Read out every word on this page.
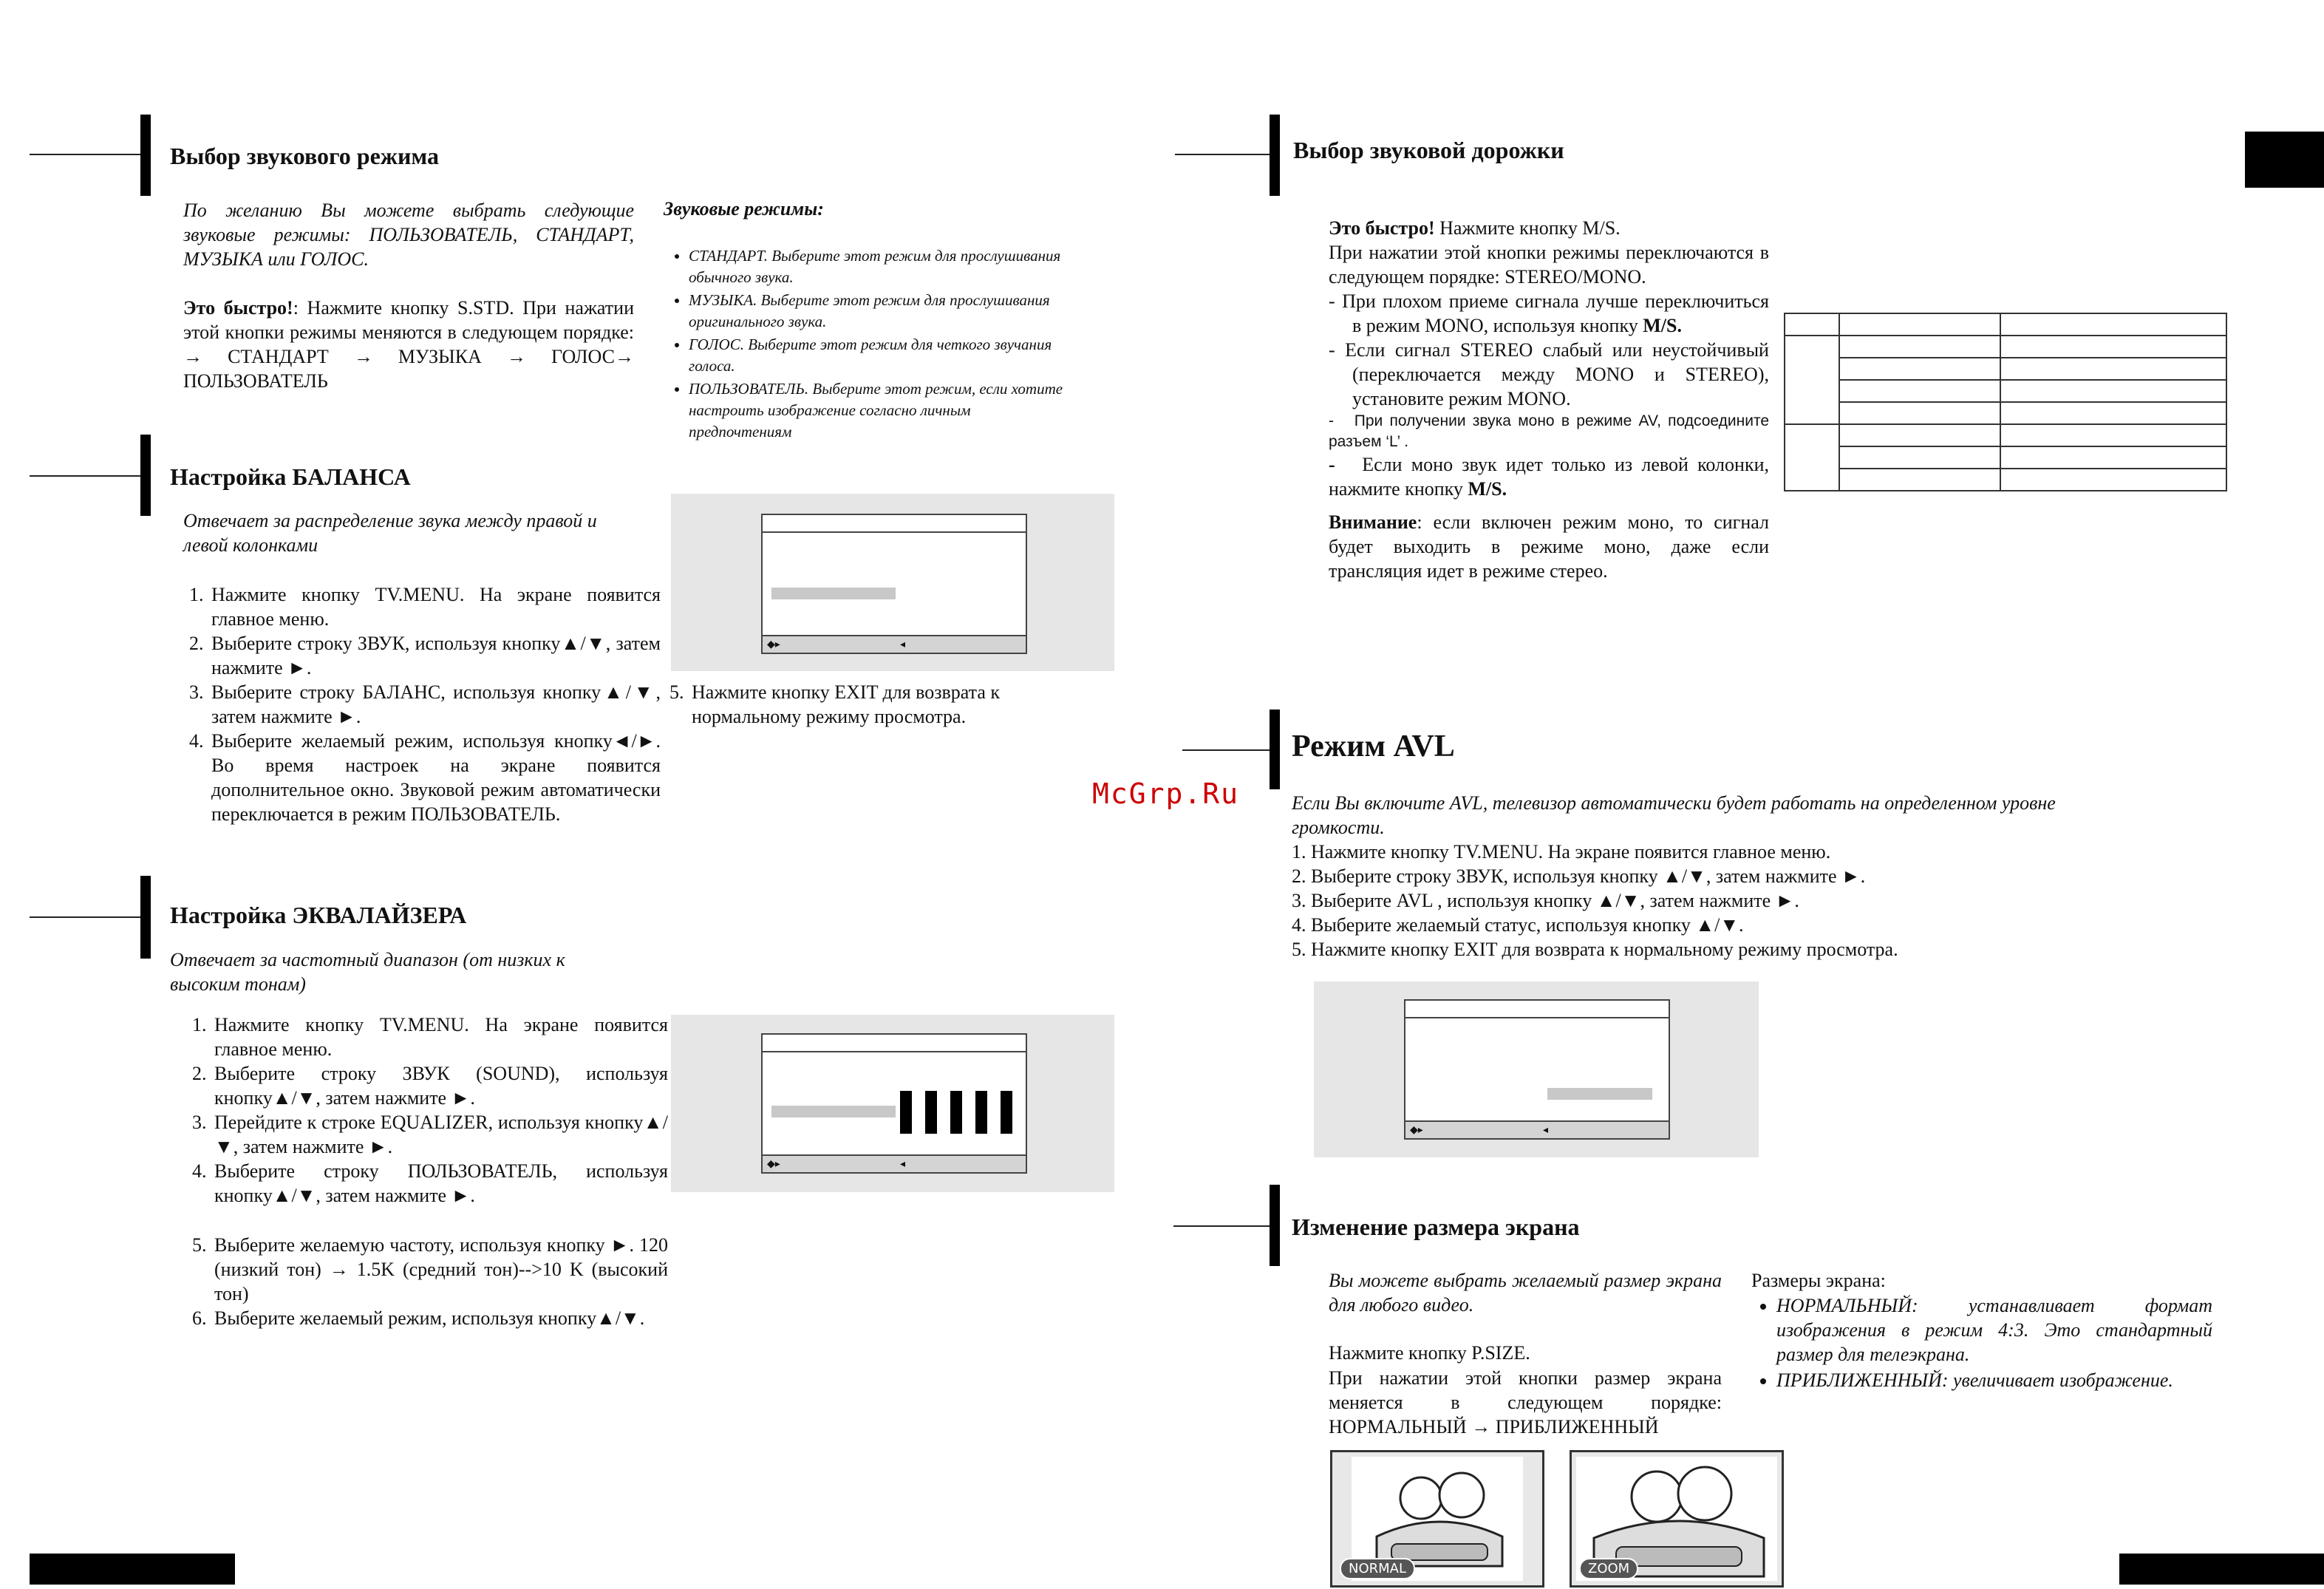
Выбор звукового режима
По желанию Вы можете выбрать следующие звуковые режимы: ПОЛЬЗОВАТЕЛЬ, СТАНДАРТ, МУЗЫКА или ГОЛОС.
Это быстро!: Нажмите кнопку S.STD. При нажатии этой кнопки режимы меняются в следующем порядке: → СТАНДАРТ → МУЗЫКА → ГОЛОС→ ПОЛЬЗОВАТЕЛЬ
Звуковые режимы:
• СТАНДАРТ. Выберите этот режим для прослушивания обычного звука.
• МУЗЫКА. Выберите этот режим для прослушивания оригинального звука.
• ГОЛОС. Выберите этот режим для четкого звучания голоса.
• ПОЛЬЗОВАТЕЛЬ. Выберите этот режим, если хотите настроить изображение согласно личным предпочтениям
Настройка БАЛАНСА
Отвечает за распределение звука между правой и левой колонками
1. Нажмите кнопку TV.MENU. На экране появится главное меню.
2. Выберите строку ЗВУК, используя кнопку▲/▼, затем нажмите ►.
3. Выберите строку БАЛАНС, используя кнопку▲/▼, затем нажмите ►.
4. Выберите желаемый режим, используя кнопку◄/►. Во время настроек на экране появится дополнительное окно. Звуковой режим автоматически переключается в режим ПОЛЬЗОВАТЕЛЬ.
◆▸	◂
5. Нажмите кнопку EXIT для возврата к нормальному режиму просмотра.
Настройка ЭКВАЛАЙЗЕРА
Отвечает за частотный диапазон (от низких к высоким тонам)
1. Нажмите кнопку TV.MENU. На экране появится главное меню.
2. Выберите строку ЗВУК (SOUND), используя кнопку▲/▼, затем нажмите ►.
3. Перейдите к строке EQUALIZER, используя кнопку▲/▼, затем нажмите ►.
4. Выберите строку ПОЛЬЗОВАТЕЛЬ, используя кнопку▲/▼, затем нажмите ►.
5. Выберите желаемую частоту, используя кнопку ►. 120 (низкий тон) → 1.5K (средний тон)-->10 K (высокий тон)
6. Выберите желаемый режим, используя кнопку▲/▼.
◆▸	◂
Выбор звуковой дорожки
Это быстро! Нажмите кнопку M/S.
При нажатии этой кнопки режимы переключаются в следующем порядке: STEREO/MONO.
- При плохом приеме сигнала лучше переключиться в режим MONO, используя кнопку M/S.
- Если сигнал STEREO слабый или неустойчивый (переключается между MONO и STEREO), установите режим MONO.
-   При получении звука моно в режиме AV, подсоедините разъем ‘L’ .
- Если моно звук идет только из левой колонки, нажмите кнопку M/S.
Внимание: если включен режим моно, то сигнал будет выходить в режиме моно, даже если трансляция идет в режиме стерео.

McGrp.Ru
Режим AVL
Если Вы включите AVL, телевизор автоматически будет работать на определенном уровне громкости.
1. Нажмите кнопку TV.MENU. На экране появится главное меню.
2. Выберите строку ЗВУК, используя кнопку ▲/▼, затем нажмите ►.
3. Выберите AVL , используя кнопку ▲/▼, затем нажмите ►.
4. Выберите желаемый статус, используя кнопку ▲/▼.
5. Нажмите кнопку EXIT для возврата к нормальному режиму просмотра.
◆▸	◂
Изменение размера экрана
Вы можете выбрать желаемый размер экрана для любого видео.
Нажмите кнопку P.SIZE.
При нажатии этой кнопки размер экрана меняется в следующем порядке: НОРМАЛЬНЫЙ → ПРИБЛИЖЕННЫЙ
Размеры экрана:
• НОРМАЛЬНЫЙ: устанавливает формат изображения в режим 4:3. Это стандартный размер для телеэкрана.
• ПРИБЛИЖЕННЫЙ: увеличивает изображение.
NORMAL	ZOOM
